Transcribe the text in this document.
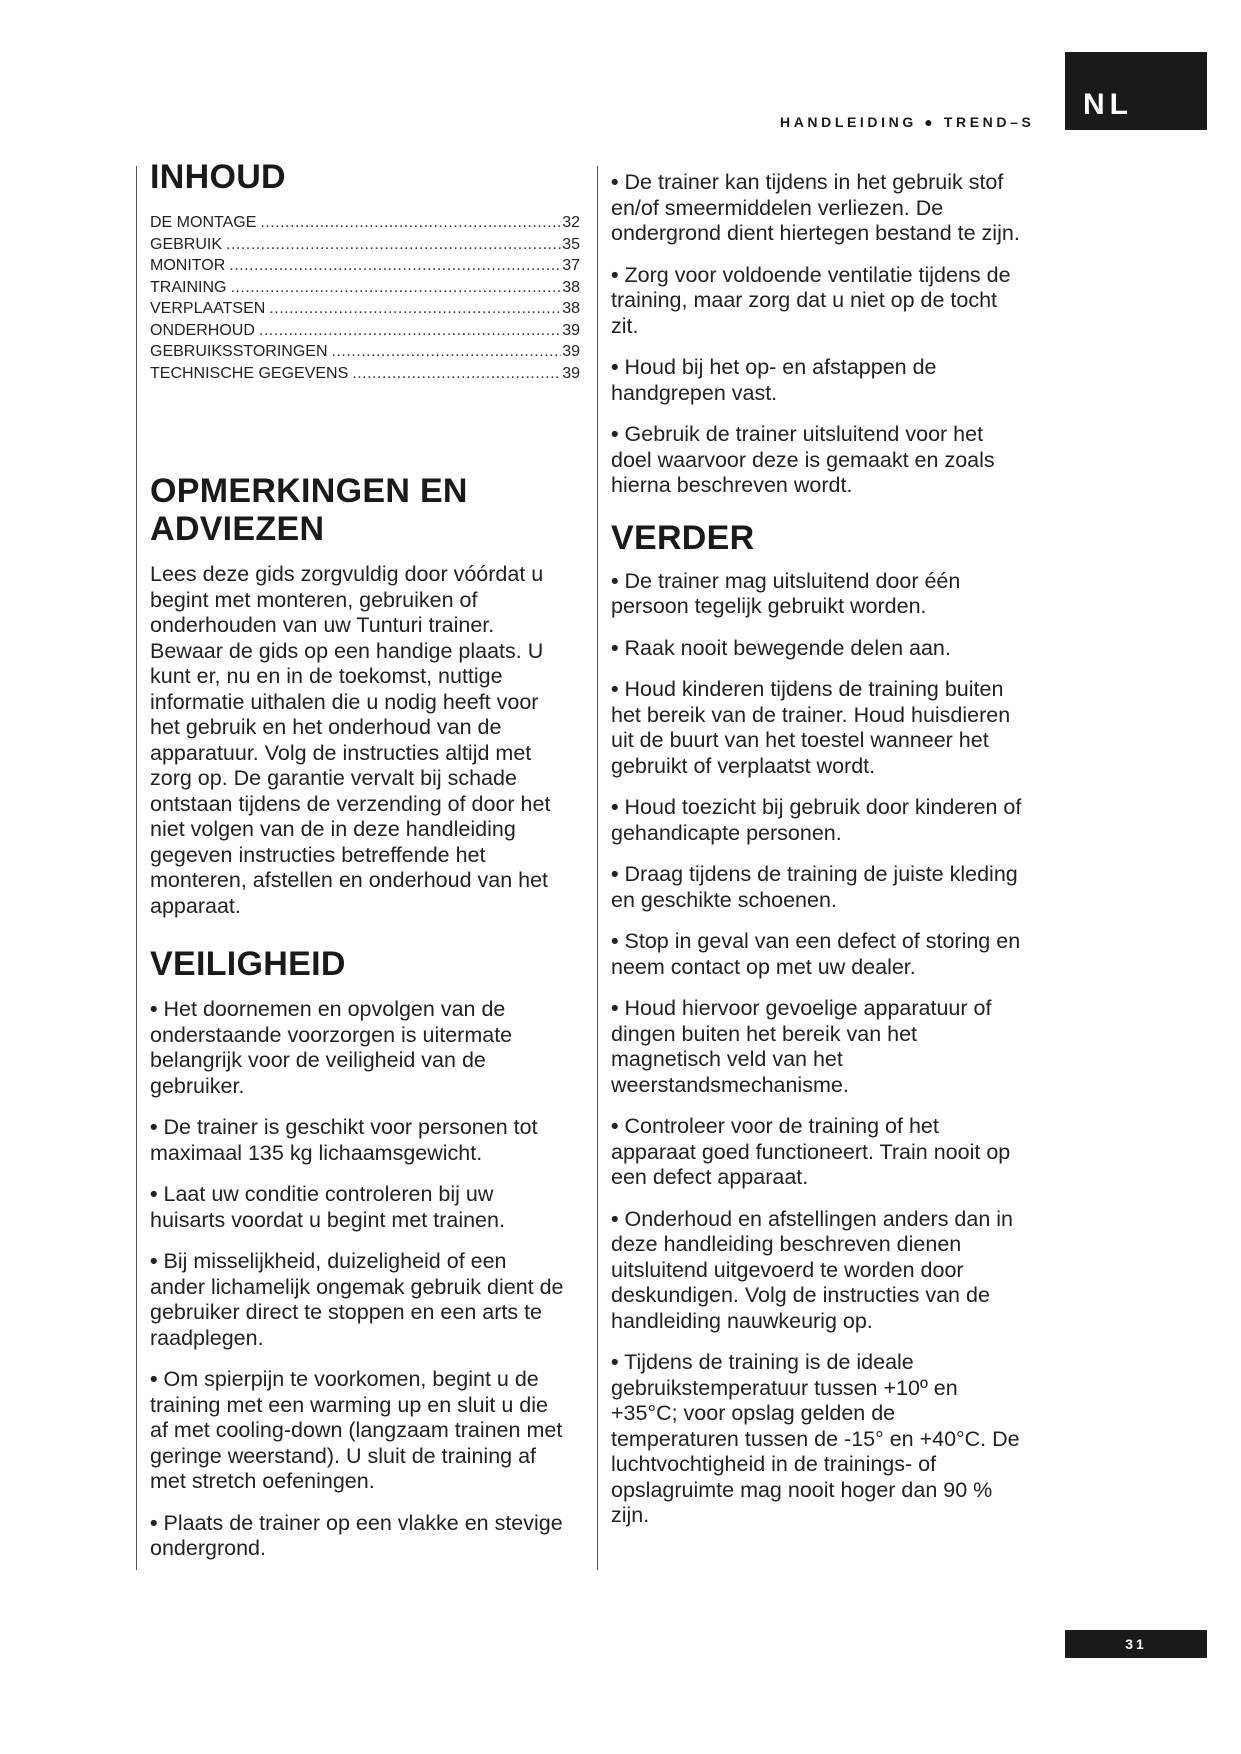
NL
HANDLEIDING ● TREND–S
INHOUD
DE MONTAGE .....	32
GEBRUIK .....	35
MONITOR .....	37
TRAINING .....	38
VERPLAATSEN .....	38
ONDERHOUD .....	39
GEBRUIKSSTORINGEN .....	39
TECHNISCHE GEGEVENS .....	39
OPMERKINGEN EN ADVIEZEN

Lees deze gids zorgvuldig door vóórdat u begint met monteren, gebruiken of onderhouden van uw Tunturi trainer. Bewaar de gids op een handige plaats. U kunt er, nu en in de toekomst, nuttige informatie uithalen die u nodig heeft voor het gebruik en het onderhoud van de apparatuur. Volg de instructies altijd met zorg op. De garantie vervalt bij schade ontstaan tijdens de verzending of door het niet volgen van de in deze handleiding gegeven instructies betreffende het monteren, afstellen en onderhoud van het apparaat.

VEILIGHEID

• Het doornemen en opvolgen van de onderstaande voorzorgen is uitermate belangrijk voor de veiligheid van de gebruiker.

• De trainer is geschikt voor personen tot maximaal 135 kg lichaamsgewicht.

• Laat uw conditie controleren bij uw huisarts voordat u begint met trainen.

• Bij misselijkheid, duizeligheid of een ander lichamelijk ongemak gebruik dient de gebruiker direct te stoppen en een arts te raadplegen.

• Om spierpijn te voorkomen, begint u de training met een warming up en sluit u die af met cooling-down (langzaam trainen met geringe weerstand). U sluit de training af met stretch oefeningen.

• Plaats de trainer op een vlakke en stevige ondergrond.

• De trainer kan tijdens in het gebruik stof en/of smeermiddelen verliezen. De ondergrond dient hiertegen bestand te zijn.

• Zorg voor voldoende ventilatie tijdens de training, maar zorg dat u niet op de tocht zit.

• Houd bij het op- en afstappen de handgrepen vast.

• Gebruik de trainer uitsluitend voor het doel waarvoor deze is gemaakt en zoals hierna beschreven wordt.

VERDER

• De trainer mag uitsluitend door één persoon tegelijk gebruikt worden.

• Raak nooit bewegende delen aan.

• Houd kinderen tijdens de training buiten het bereik van de trainer. Houd huisdieren uit de buurt van het toestel wanneer het gebruikt of verplaatst wordt.

• Houd toezicht bij gebruik door kinderen of gehandicapte personen.

• Draag tijdens de training de juiste kleding en geschikte schoenen.

• Stop in geval van een defect of storing en neem contact op met uw dealer.

• Houd hiervoor gevoelige apparatuur of dingen buiten het bereik van het magnetisch veld van het weerstandsmechanisme.

• Controleer voor de training of het apparaat goed functioneert. Train nooit op een defect apparaat.

• Onderhoud en afstellingen anders dan in deze handleiding beschreven dienen uitsluitend uitgevoerd te worden door deskundigen. Volg de instructies van de handleiding nauwkeurig op.

• Tijdens de training is de ideale gebruikstemperatuur tussen +10º en +35°C; voor opslag gelden de temperaturen tussen de -15° en +40°C. De luchtvochtigheid in de trainings- of opslagruimte mag nooit hoger dan 90 % zijn.

31
